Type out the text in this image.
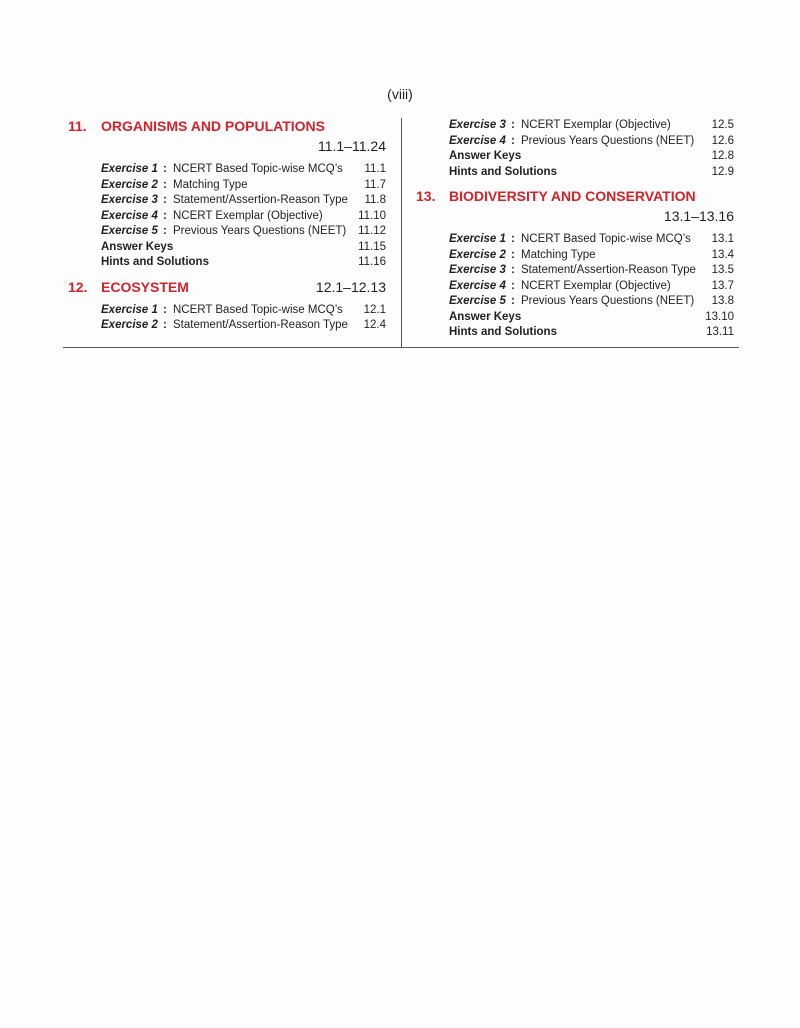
(viii)
11.	ORGANISMS AND POPULATIONS
11.1–11.24
Exercise 1 : NCERT Based Topic-wise MCQ’s	11.1
Exercise 2 : Matching Type	11.7
Exercise 3 : Statement/Assertion-Reason Type	11.8
Exercise 4 : NCERT Exemplar (Objective)	11.10
Exercise 5 : Previous Years Questions (NEET)	11.12
Answer Keys	11.15
Hints and Solutions	11.16
12. ECOSYSTEM	12.1–12.13
Exercise 1 : NCERT Based Topic-wise MCQ’s	12.1
Exercise 2 : Statement/Assertion-Reason Type	12.4
Exercise 3 : NCERT Exemplar (Objective)	12.5
Exercise 4 : Previous Years Questions (NEET)	12.6
Answer Keys	12.8
Hints and Solutions	12.9
13. BIODIVERSITY AND CONSERVATION
13.1–13.16
Exercise 1 : NCERT Based Topic-wise MCQ’s	13.1
Exercise 2 : Matching Type	13.4
Exercise 3 : Statement/Assertion-Reason Type	13.5
Exercise 4 : NCERT Exemplar (Objective)	13.7
Exercise 5 : Previous Years Questions (NEET)	13.8
Answer Keys	13.10
Hints and Solutions	13.11
